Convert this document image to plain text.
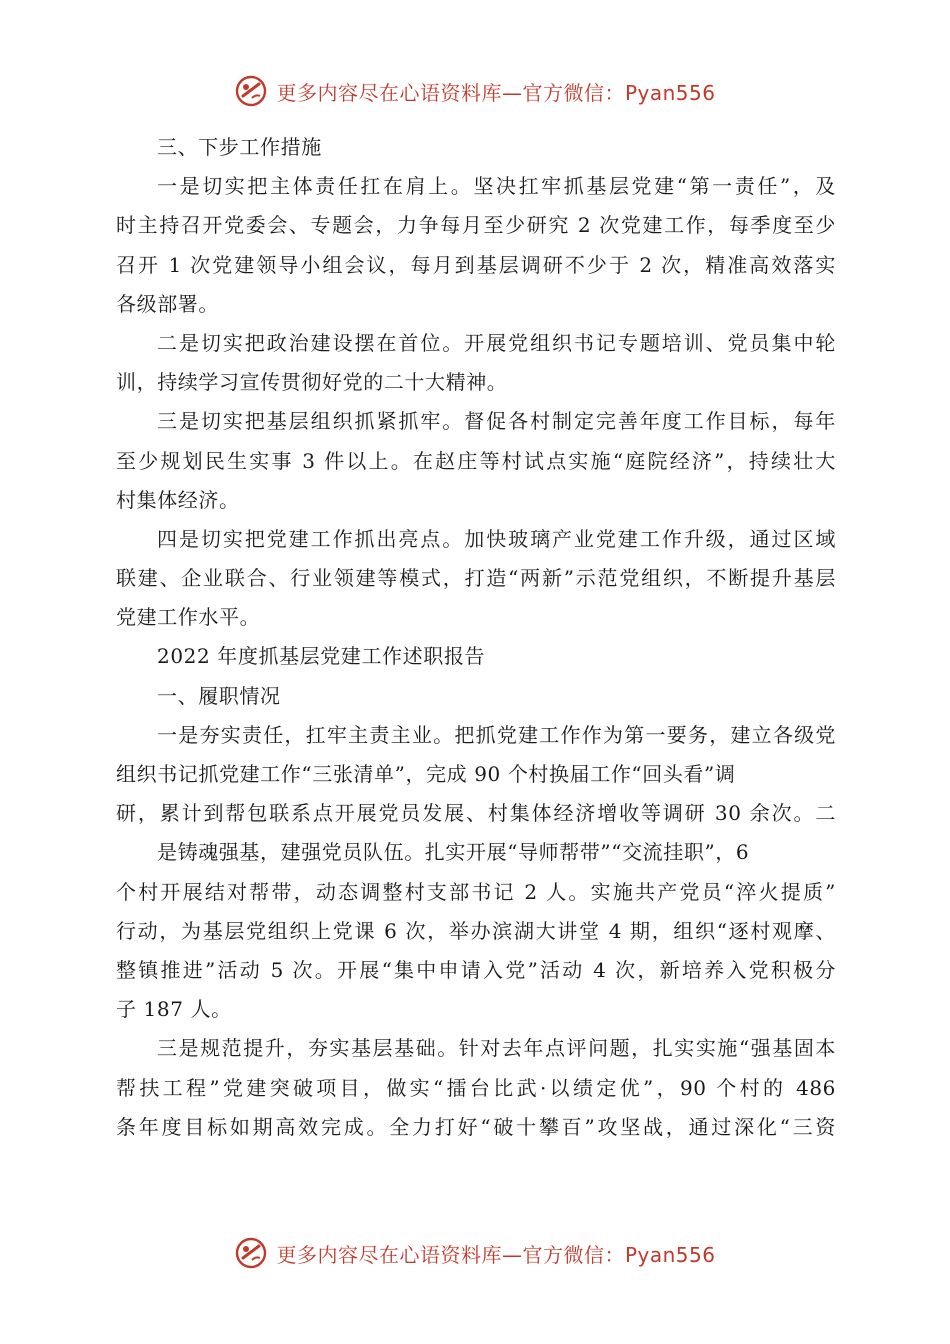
更多内容尽在心语资料库—官方微信：Pyan556
三、下步工作措施
一是切实把主体责任扛在肩上。坚决扛牢抓基层党建“第一责任”，及
时主持召开党委会、专题会，力争每月至少研究 2 次党建工作，每季度至少
召开 1 次党建领导小组会议，每月到基层调研不少于 2 次，精准高效落实
各级部署。
二是切实把政治建设摆在首位。开展党组织书记专题培训、党员集中轮
训，持续学习宣传贯彻好党的二十大精神。
三是切实把基层组织抓紧抓牢。督促各村制定完善年度工作目标，每年
至少规划民生实事 3 件以上。在赵庄等村试点实施“庭院经济”，持续壮大
村集体经济。
四是切实把党建工作抓出亮点。加快玻璃产业党建工作升级，通过区域
联建、企业联合、行业领建等模式，打造“两新”示范党组织，不断提升基层
党建工作水平。
2022 年度抓基层党建工作述职报告
一、履职情况
一是夯实责任，扛牢主责主业。把抓党建工作作为第一要务，建立各级党
组织书记抓党建工作“三张清单”，完成 90 个村换届工作“回头看”调
研，累计到帮包联系点开展党员发展、村集体经济增收等调研 30 余次。二
是铸魂强基，建强党员队伍。扎实开展“导师帮带”“交流挂职”，6
个村开展结对帮带，动态调整村支部书记 2 人。实施共产党员“淬火提质”
行动，为基层党组织上党课 6 次，举办滨湖大讲堂 4 期，组织“逐村观摩、
整镇推进”活动 5 次。开展“集中申请入党”活动 4 次，新培养入党积极分
子 187 人。
三是规范提升，夯实基层基础。针对去年点评问题，扎实实施“强基固本
帮扶工程”党建突破项目，做实“擂台比武·以绩定优”，90 个村的 486
条年度目标如期高效完成。全力打好“破十攀百”攻坚战，通过深化“三资
更多内容尽在心语资料库—官方微信：Pyan556
